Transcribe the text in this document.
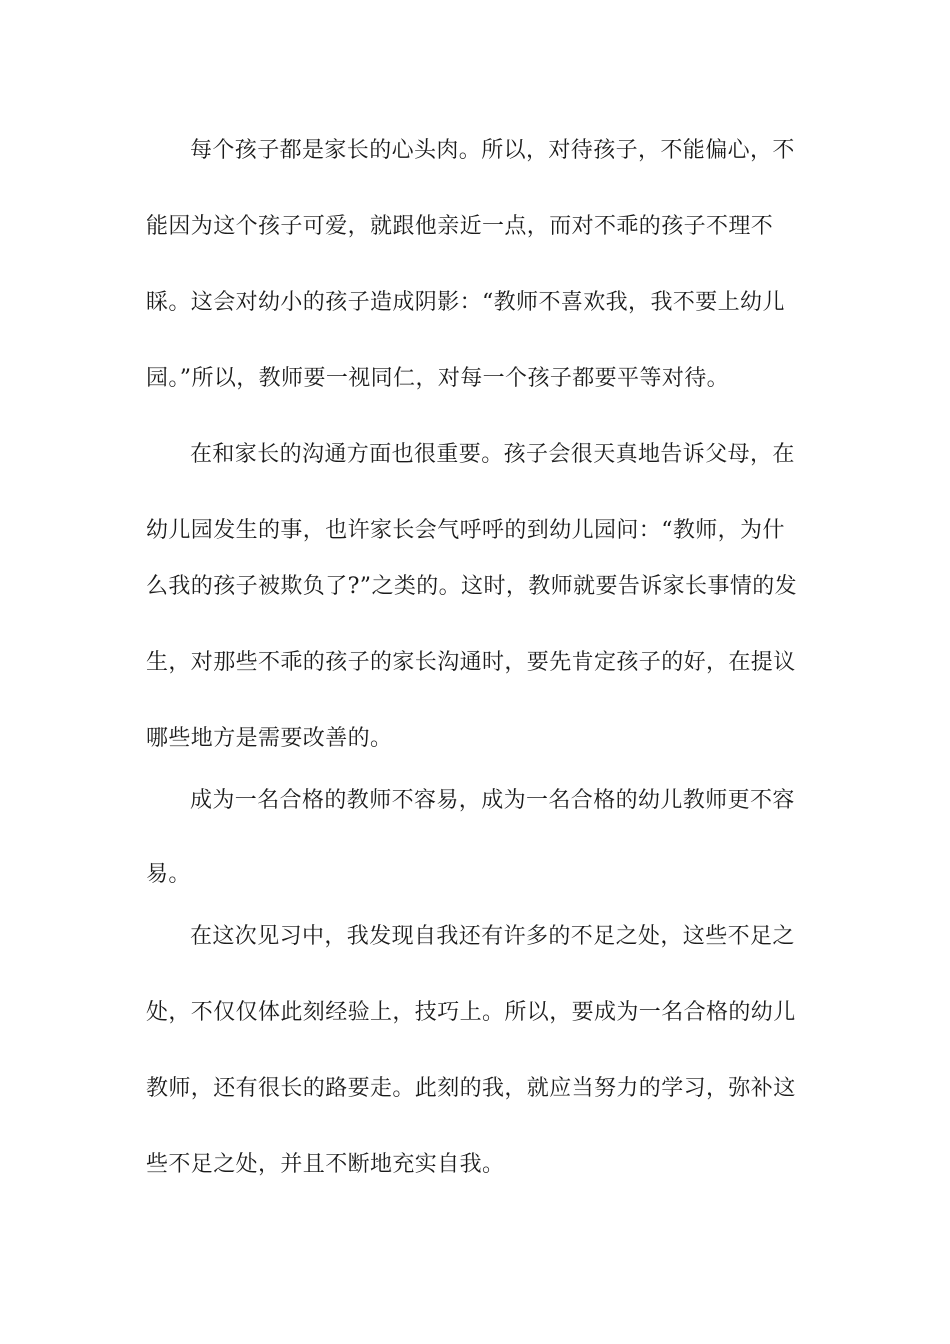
每个孩子都是家长的心头肉。所以，对待孩子，不能偏心，不
能因为这个孩子可爱，就跟他亲近一点，而对不乖的孩子不理不
睬。这会对幼小的孩子造成阴影：“教师不喜欢我，我不要上幼儿
园。”所以，教师要一视同仁，对每一个孩子都要平等对待。
在和家长的沟通方面也很重要。孩子会很天真地告诉父母，在
幼儿园发生的事，也许家长会气呼呼的到幼儿园问：“教师，为什
么我的孩子被欺负了?”之类的。这时，教师就要告诉家长事情的发
生，对那些不乖的孩子的家长沟通时，要先肯定孩子的好，在提议
哪些地方是需要改善的。
成为一名合格的教师不容易，成为一名合格的幼儿教师更不容
易。
在这次见习中，我发现自我还有许多的不足之处，这些不足之
处，不仅仅体此刻经验上，技巧上。所以，要成为一名合格的幼儿
教师，还有很长的路要走。此刻的我，就应当努力的学习，弥补这
些不足之处，并且不断地充实自我。
